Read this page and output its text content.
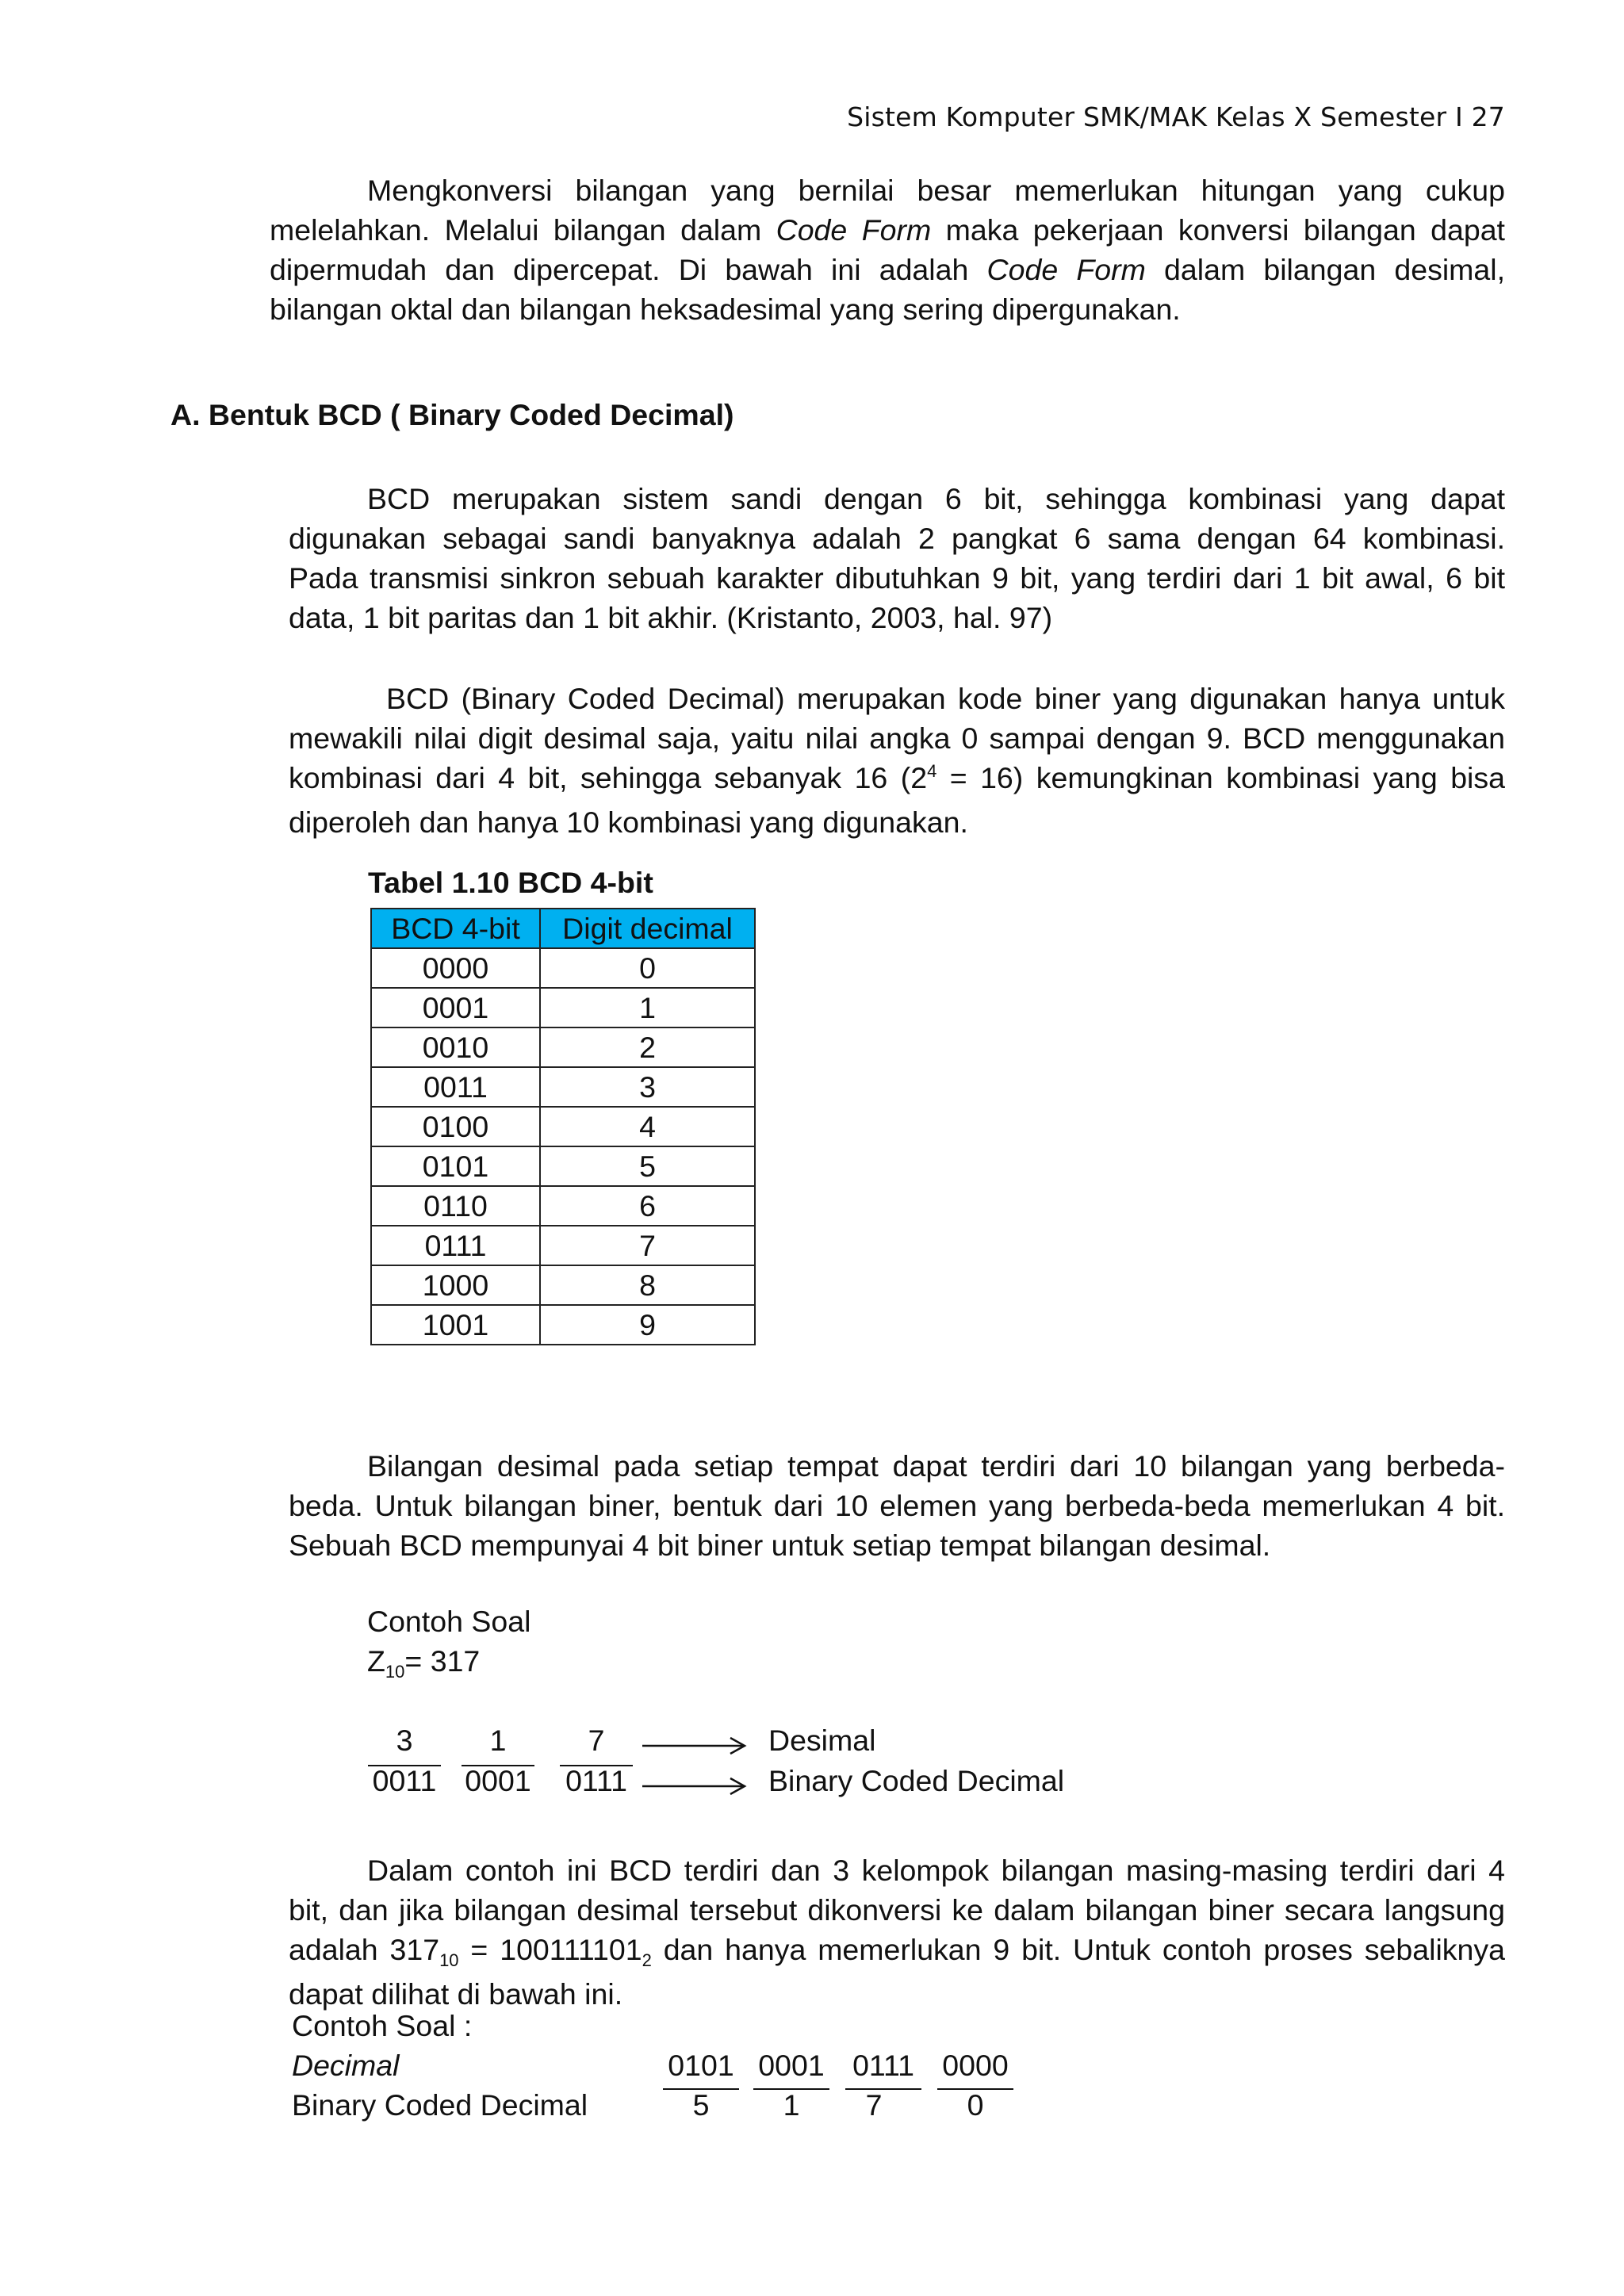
Sistem Komputer SMK/MAK Kelas X Semester I 27
Mengkonversi bilangan yang bernilai besar memerlukan hitungan yang cukup
melelahkan. Melalui bilangan dalam Code Form maka pekerjaan konversi bilangan dapat
dipermudah dan dipercepat. Di bawah ini adalah Code Form dalam bilangan desimal,
bilangan oktal dan bilangan heksadesimal yang sering dipergunakan.
A. Bentuk BCD ( Binary Coded Decimal)
BCD merupakan sistem sandi dengan 6 bit, sehingga kombinasi yang dapat
digunakan sebagai sandi banyaknya adalah 2 pangkat 6 sama dengan 64 kombinasi.
Pada transmisi sinkron sebuah karakter dibutuhkan 9 bit, yang terdiri dari 1 bit awal, 6 bit
data, 1 bit paritas dan 1 bit akhir. (Kristanto, 2003, hal. 97)
BCD (Binary Coded Decimal) merupakan kode biner yang digunakan hanya untuk
mewakili nilai digit desimal saja, yaitu nilai angka 0 sampai dengan 9. BCD menggunakan
kombinasi dari 4 bit, sehingga sebanyak 16 $(2^4 = 16)$ kemungkinan kombinasi yang bisa
diperoleh dan hanya 10 kombinasi yang digunakan.
Tabel 1.10 BCD 4-bit
BCD 4-bit	Digit decimal
0000	0
0001	1
0010	2
0011	3
0100	4
0101	5
0110	6
0111	7
1000	8
1001	9
Bilangan desimal pada setiap tempat dapat terdiri dari 10 bilangan yang berbeda-
beda. Untuk bilangan biner, bentuk dari 10 elemen yang berbeda-beda memerlukan 4 bit.
Sebuah BCD mempunyai 4 bit biner untuk setiap tempat bilangan desimal.
Contoh Soal
$Z_{10}= 317$
3	1	7
0011 0001 0111
Desimal
Binary Coded Decimal
Dalam contoh ini BCD terdiri dan 3 kelompok bilangan masing-masing terdiri dari 4
bit, dan jika bilangan desimal tersebut dikonversi ke dalam bilangan biner secara langsung
adalah $317_{10} = 100111101_2$ dan hanya memerlukan 9 bit. Untuk contoh proses sebaliknya
dapat dilihat di bawah ini.
Contoh Soal :
Decimal
Binary Coded Decimal
0101 0001 0111 0000
5	1	7	0
